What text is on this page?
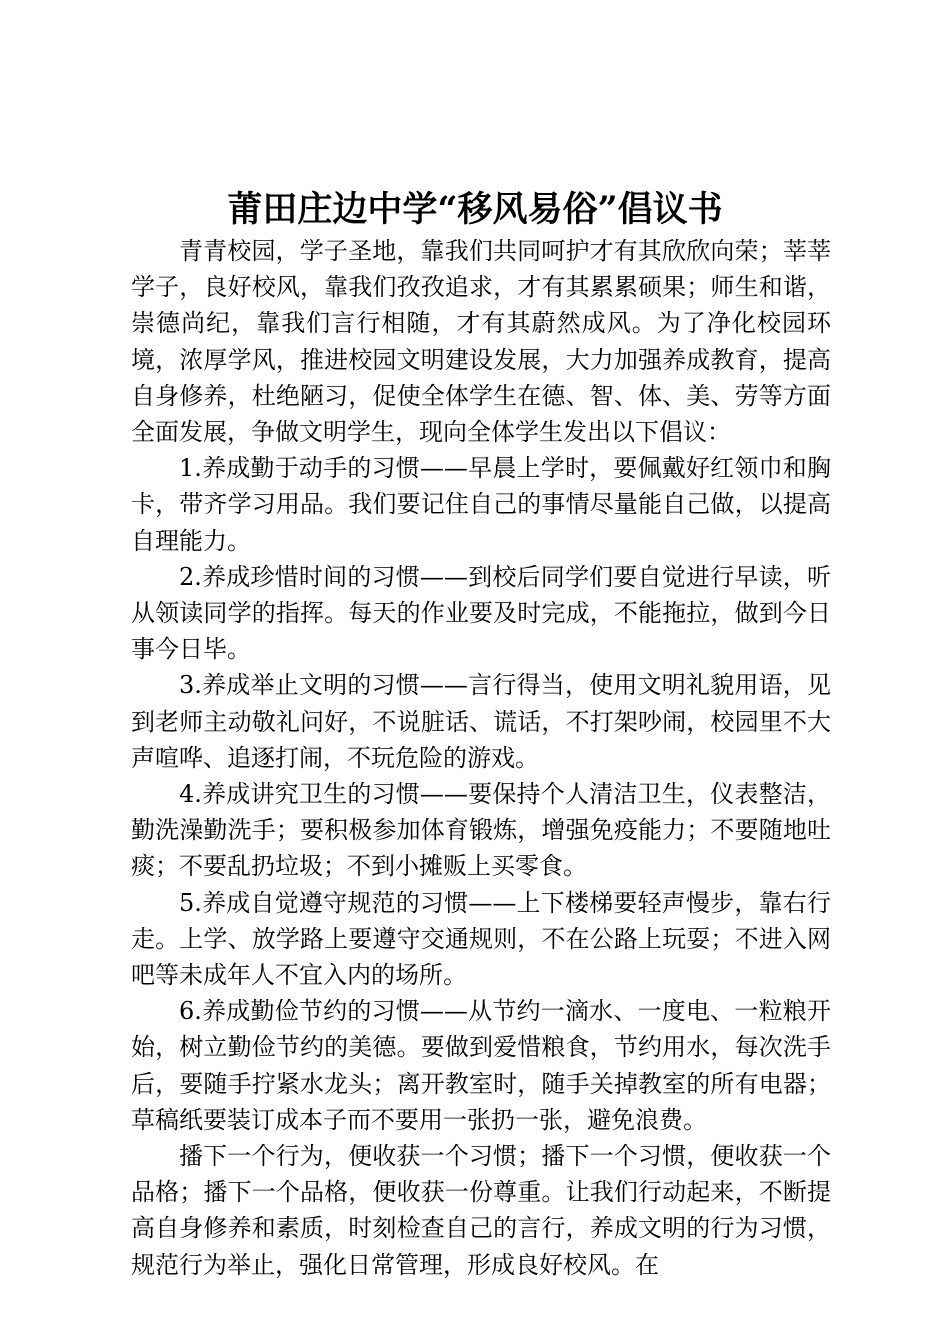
莆田庄边中学“移风易俗”倡议书

青青校园，学子圣地，靠我们共同呵护才有其欣欣向荣；莘莘学子，良好校风，靠我们孜孜追求，才有其累累硕果；师生和谐，崇德尚纪，靠我们言行相随，才有其蔚然成风。为了净化校园环境，浓厚学风，推进校园文明建设发展，大力加强养成教育，提高自身修养，杜绝陋习，促使全体学生在德、智、体、美、劳等方面全面发展，争做文明学生，现向全体学生发出以下倡议：

1.养成勤于动手的习惯——早晨上学时，要佩戴好红领巾和胸卡，带齐学习用品。我们要记住自己的事情尽量能自己做，以提高自理能力。

2.养成珍惜时间的习惯——到校后同学们要自觉进行早读，听从领读同学的指挥。每天的作业要及时完成，不能拖拉，做到今日事今日毕。

3.养成举止文明的习惯——言行得当，使用文明礼貌用语，见到老师主动敬礼问好，不说脏话、谎话，不打架吵闹，校园里不大声喧哗、追逐打闹，不玩危险的游戏。

4.养成讲究卫生的习惯——要保持个人清洁卫生，仪表整洁，勤洗澡勤洗手；要积极参加体育锻炼，增强免疫能力；不要随地吐痰；不要乱扔垃圾；不到小摊贩上买零食。

5.养成自觉遵守规范的习惯——上下楼梯要轻声慢步，靠右行走。上学、放学路上要遵守交通规则，不在公路上玩耍；不进入网吧等未成年人不宜入内的场所。

6.养成勤俭节约的习惯——从节约一滴水、一度电、一粒粮开始，树立勤俭节约的美德。要做到爱惜粮食，节约用水，每次洗手后，要随手拧紧水龙头；离开教室时，随手关掉教室的所有电器；草稿纸要装订成本子而不要用一张扔一张，避免浪费。

播下一个行为，便收获一个习惯；播下一个习惯，便收获一个品格；播下一个品格，便收获一份尊重。让我们行动起来，不断提高自身修养和素质，时刻检查自己的言行，养成文明的行为习惯，规范行为举止，强化日常管理，形成良好校风。在
